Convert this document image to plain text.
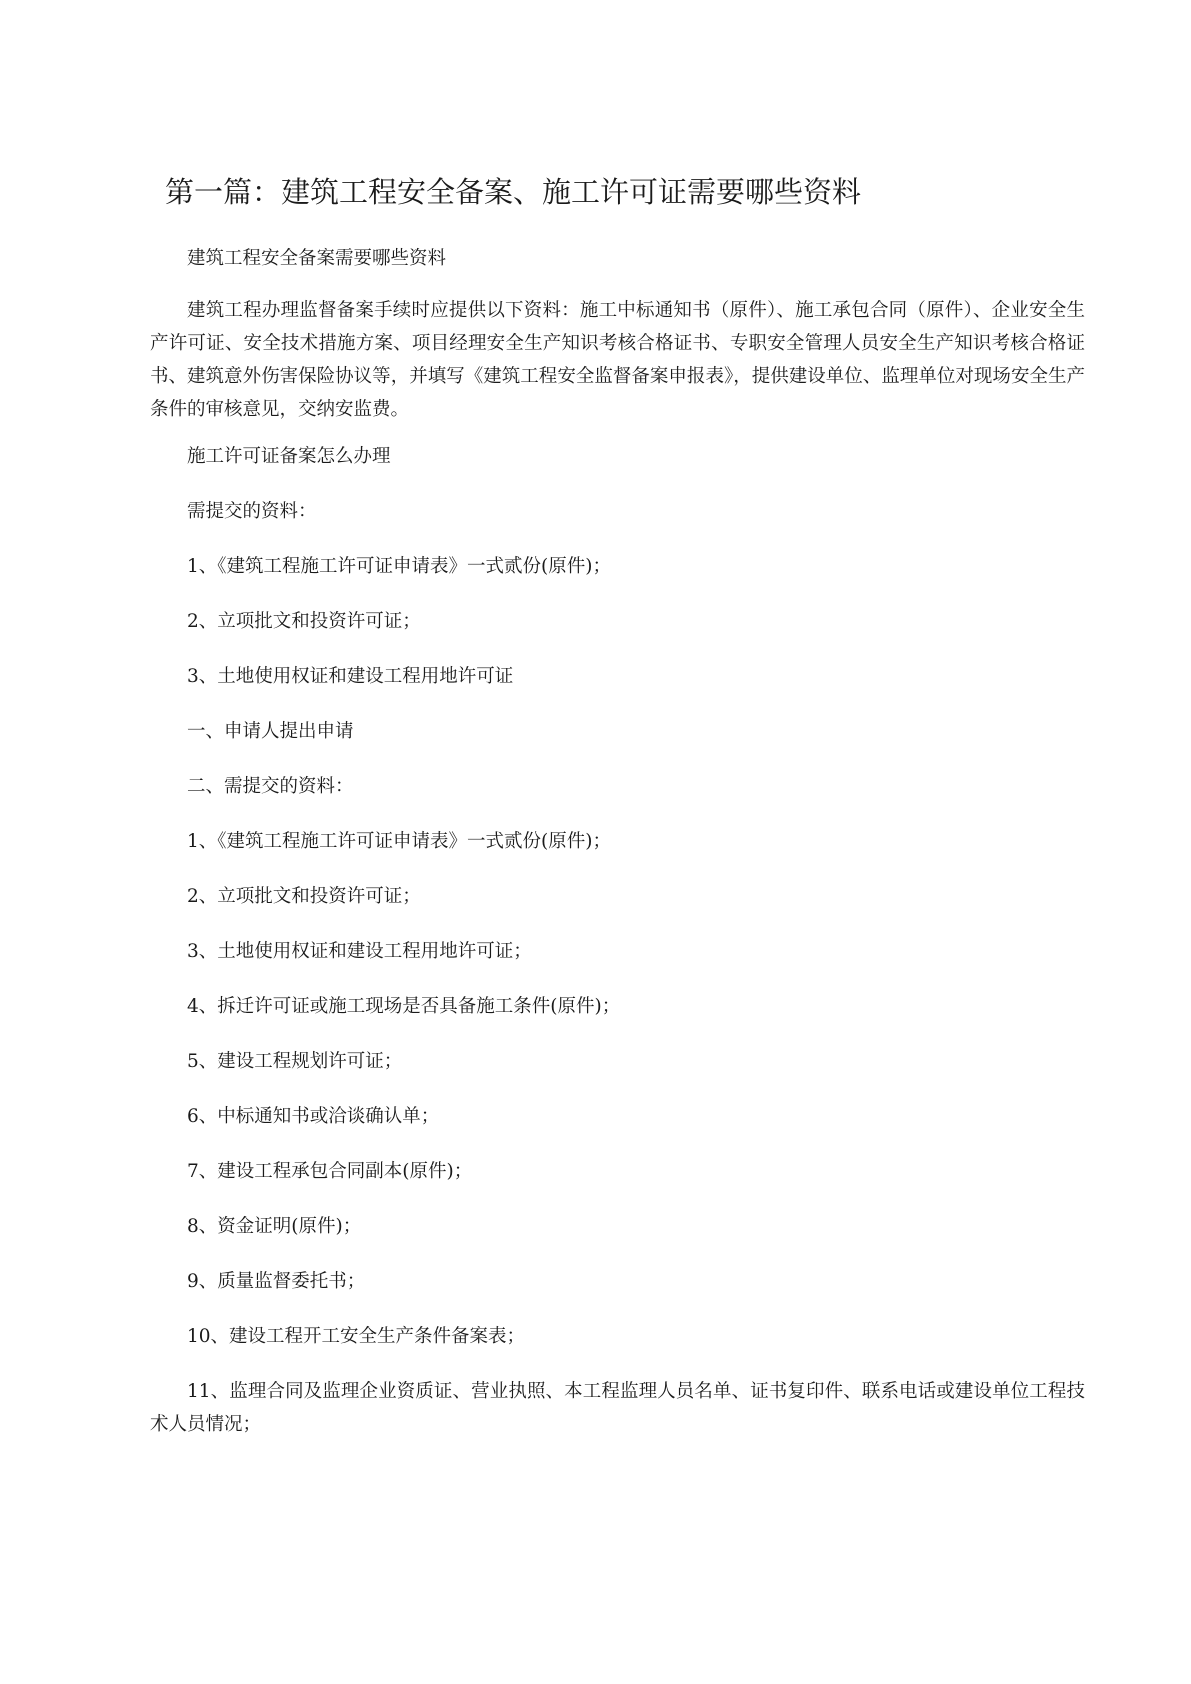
第一篇：建筑工程安全备案、施工许可证需要哪些资料

建筑工程安全备案需要哪些资料

建筑工程办理监督备案手续时应提供以下资料：施工中标通知书（原件）、施工承包合同（原件）、企业安全生产许可证、安全技术措施方案、项目经理安全生产知识考核合格证书、专职安全管理人员安全生产知识考核合格证书、建筑意外伤害保险协议等，并填写《建筑工程安全监督备案申报表》，提供建设单位、监理单位对现场安全生产条件的审核意见，交纳安监费。

施工许可证备案怎么办理

需提交的资料：

1、《建筑工程施工许可证申请表》一式贰份(原件)；

2、立项批文和投资许可证；

3、土地使用权证和建设工程用地许可证

一、申请人提出申请

二、需提交的资料：

1、《建筑工程施工许可证申请表》一式贰份(原件)；

2、立项批文和投资许可证；

3、土地使用权证和建设工程用地许可证；

4、拆迁许可证或施工现场是否具备施工条件(原件)；

5、建设工程规划许可证；

6、中标通知书或洽谈确认单；

7、建设工程承包合同副本(原件)；

8、资金证明(原件)；

9、质量监督委托书；

10、建设工程开工安全生产条件备案表；

11、监理合同及监理企业资质证、营业执照、本工程监理人员名单、证书复印件、联系电话或建设单位工程技术人员情况；
